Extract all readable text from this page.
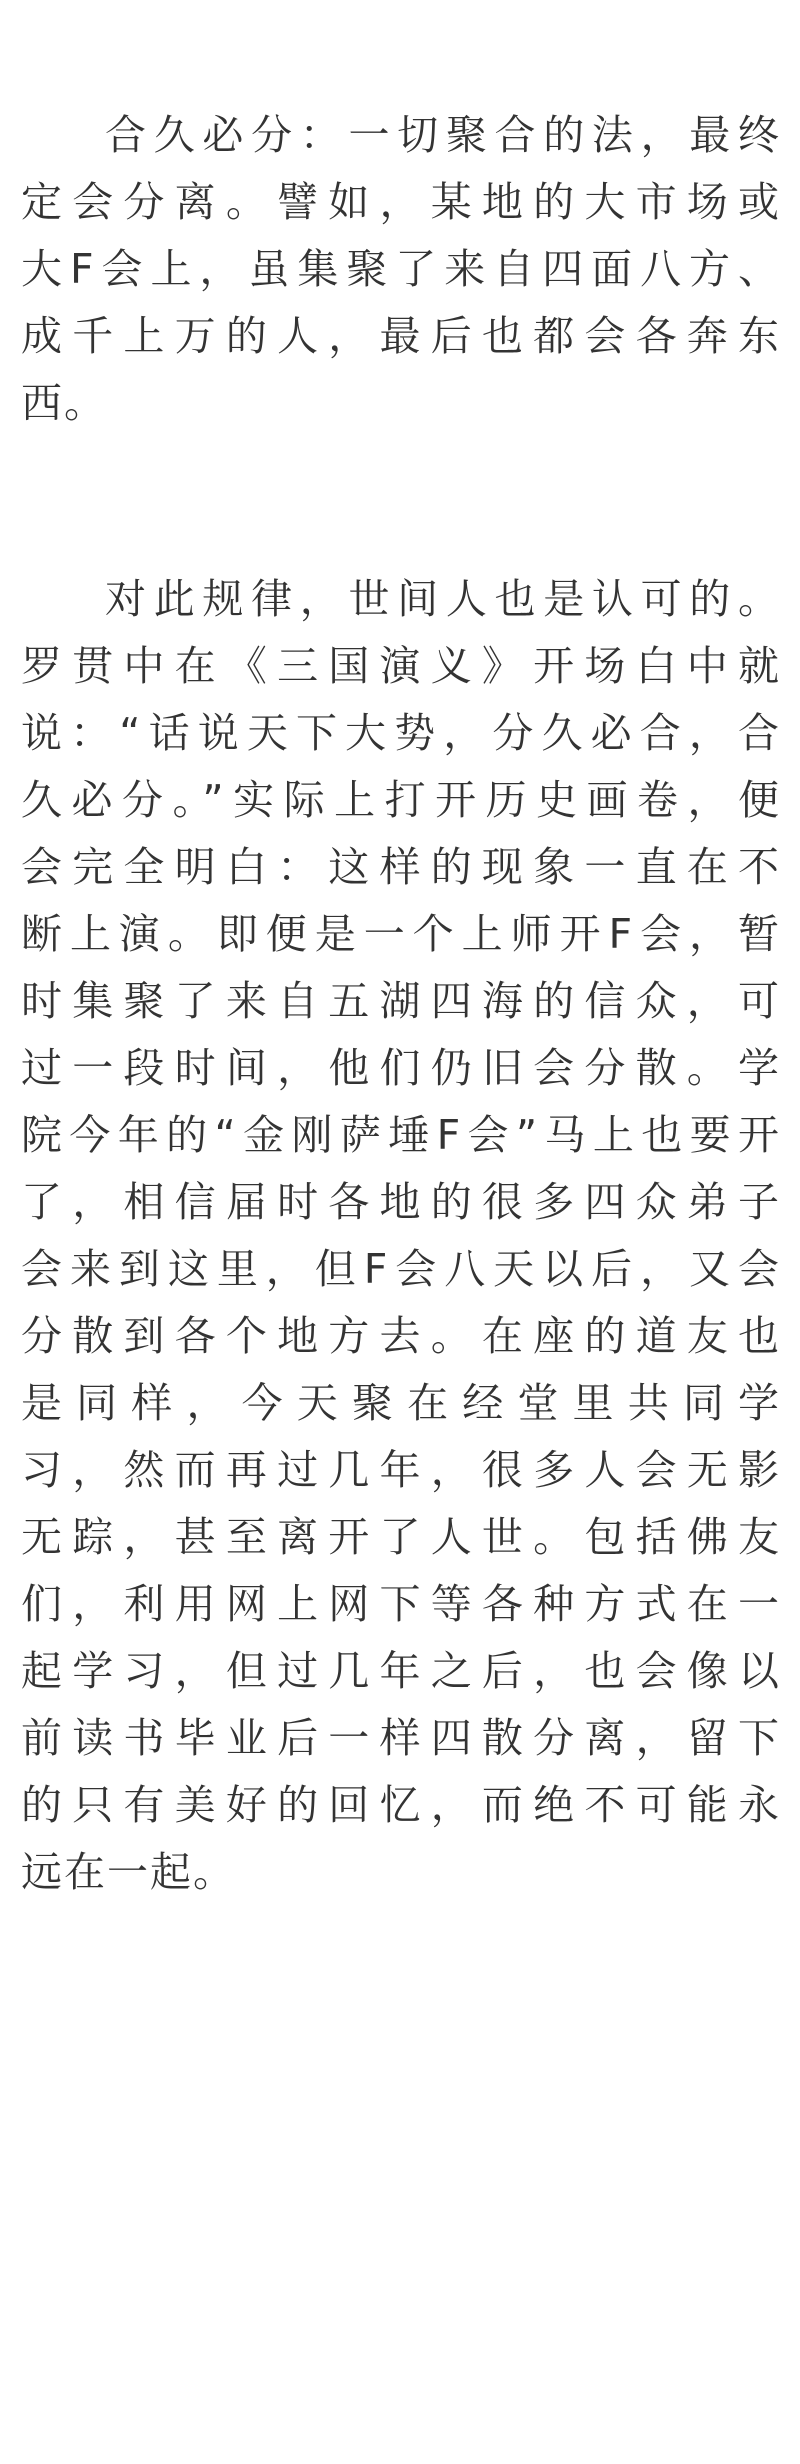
合久必分：一切聚合的法，最终
定会分离。譬如，某地的大市场或
大F会上，虽集聚了来自四面八方、
成千上万的人，最后也都会各奔东
西。
对此规律，世间人也是认可的。
罗贯中在《三国演义》开场白中就
说：“话说天下大势，分久必合，合
久必分。”实际上打开历史画卷，便
会完全明白：这样的现象一直在不
断上演。即便是一个上师开F会，暂
时集聚了来自五湖四海的信众，可
过一段时间，他们仍旧会分散。学
院今年的“金刚萨埵F会”马上也要开
了，相信届时各地的很多四众弟子
会来到这里，但F会八天以后，又会
分散到各个地方去。在座的道友也
是同样，今天聚在经堂里共同学
习，然而再过几年，很多人会无影
无踪，甚至离开了人世。包括佛友
们，利用网上网下等各种方式在一
起学习，但过几年之后，也会像以
前读书毕业后一样四散分离，留下
的只有美好的回忆，而绝不可能永
远在一起。
